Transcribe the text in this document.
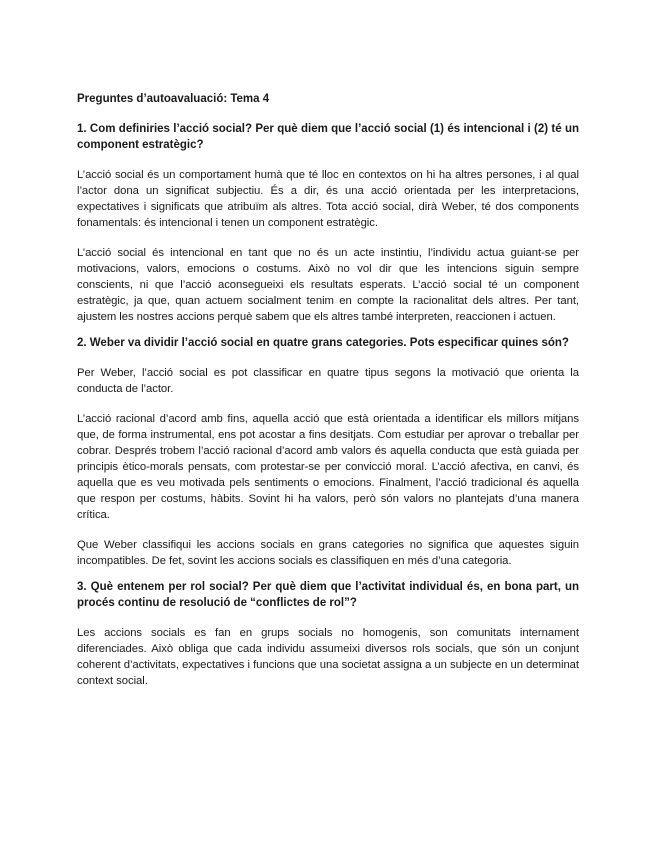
Preguntes d’autoavaluació: Tema 4
1. Com definiries l’acció social? Per què diem que l’acció social (1) és intencional i (2) té un component estratègic?

L’acció social és un comportament humà que té lloc en contextos on hi ha altres persones, i al qual l’actor dona un significat subjectiu. És a dir, és una acció orientada per les interpretacions, expectatives i significats que atribuïm als altres. Tota acció social, dirà Weber, té dos components fonamentals: és intencional i tenen un component estratègic.

L’acció social és intencional en tant que no és un acte instintiu, l’individu actua guiant-se per motivacions, valors, emocions o costums. Això no vol dir que les intencions siguin sempre conscients, ni que l’acció aconsegueixi els resultats esperats. L’acció social té un component estratègic, ja que, quan actuem socialment tenim en compte la racionalitat dels altres. Per tant, ajustem les nostres accions perquè sabem que els altres també interpreten, reaccionen i actuen.

2. Weber va dividir l’acció social en quatre grans categories. Pots especificar quines són?

Per Weber, l’acció social es pot classificar en quatre tipus segons la motivació que orienta la conducta de l’actor.

L’acció racional d’acord amb fins, aquella acció que està orientada a identificar els millors mitjans que, de forma instrumental, ens pot acostar a fins desitjats. Com estudiar per aprovar o treballar per cobrar. Després trobem l’acció racional d’acord amb valors és aquella conducta que està guiada per principis ètico-morals pensats, com protestar-se per convicció moral. L’acció afectiva, en canvi, és aquella que es veu motivada pels sentiments o emocions. Finalment, l’acció tradicional és aquella que respon per costums, hàbits. Sovint hi ha valors, però són valors no plantejats d’una manera crítica.

Que Weber classifiqui les accions socials en grans categories no significa que aquestes siguin incompatibles. De fet, sovint les accions socials es classifiquen en més d’una categoria.

3. Què entenem per rol social? Per què diem que l’activitat individual és, en bona part, un procés continu de resolució de “conflictes de rol”?

Les accions socials es fan en grups socials no homogenis, son comunitats internament diferenciades. Això obliga que cada individu assumeixi diversos rols socials, que són un conjunt coherent d’activitats, expectatives i funcions que una societat assigna a un subjecte en un determinat context social.
